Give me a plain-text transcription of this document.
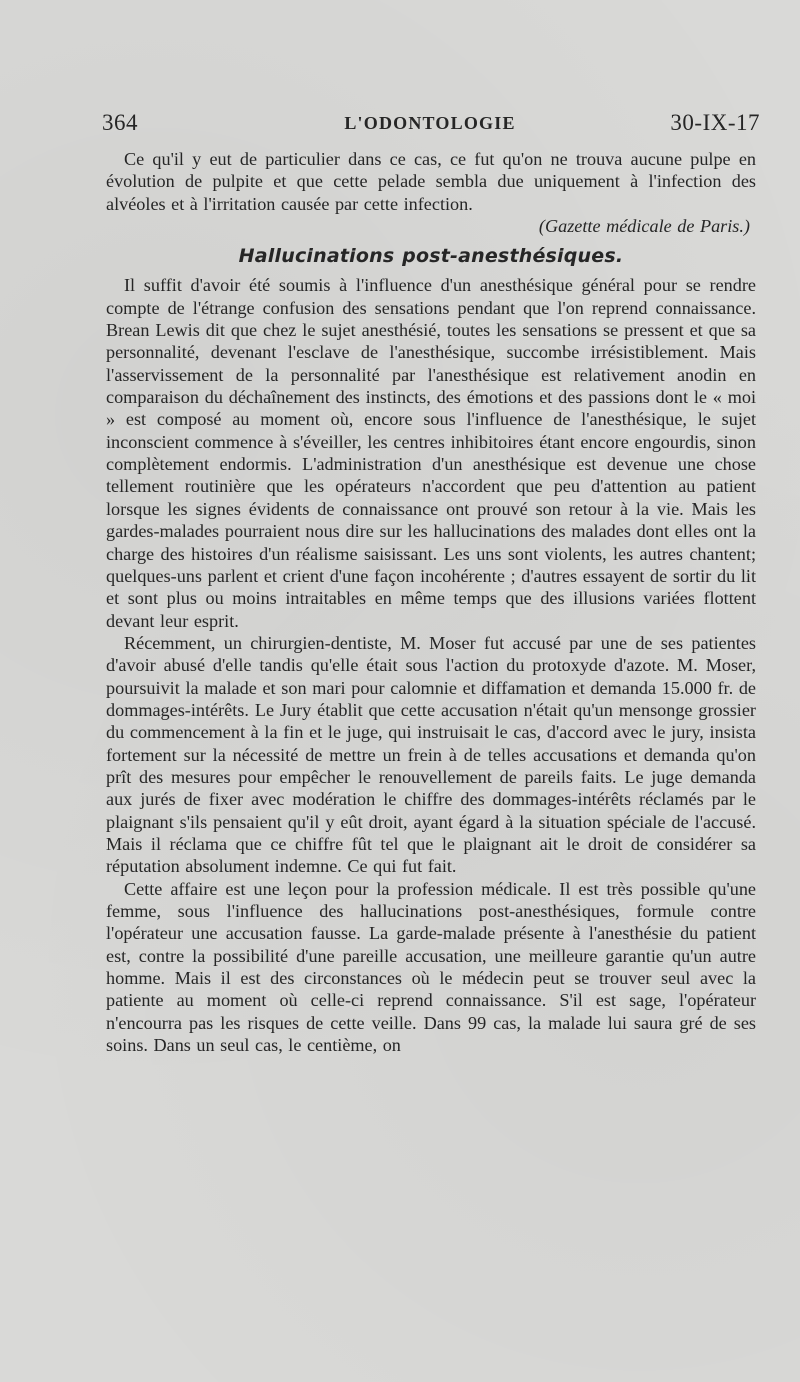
364	L'ODONTOLOGIE	30-IX-17

Ce qu'il y eut de particulier dans ce cas, ce fut qu'on ne trouva aucune pulpe en évolution de pulpite et que cette pelade sembla due uniquement à l'infection des alvéoles et à l'irritation causée par cette infection.

(Gazette médicale de Paris.)

Hallucinations post-anesthésiques.

Il suffit d'avoir été soumis à l'influence d'un anesthésique général pour se rendre compte de l'étrange confusion des sensations pendant que l'on reprend connaissance. Brean Lewis dit que chez le sujet anesthésié, toutes les sensations se pressent et que sa personnalité, devenant l'esclave de l'anesthésique, succombe irrésistiblement. Mais l'asservissement de la personnalité par l'anesthésique est relativement anodin en comparaison du déchaînement des instincts, des émotions et des passions dont le « moi » est composé au moment où, encore sous l'influence de l'anesthésique, le sujet inconscient commence à s'éveiller, les centres inhibitoires étant encore engourdis, sinon complètement endormis. L'administration d'un anesthésique est devenue une chose tellement routinière que les opérateurs n'accordent que peu d'attention au patient lorsque les signes évidents de connaissance ont prouvé son retour à la vie. Mais les gardes-malades pourraient nous dire sur les hallucinations des malades dont elles ont la charge des histoires d'un réalisme saisissant. Les uns sont violents, les autres chantent; quelques-uns parlent et crient d'une façon incohérente ; d'autres essayent de sortir du lit et sont plus ou moins intraitables en même temps que des illusions variées flottent devant leur esprit.

Récemment, un chirurgien-dentiste, M. Moser fut accusé par une de ses patientes d'avoir abusé d'elle tandis qu'elle était sous l'action du protoxyde d'azote. M. Moser, poursuivit la malade et son mari pour calomnie et diffamation et demanda 15.000 fr. de dommages-intérêts. Le Jury établit que cette accusation n'était qu'un mensonge grossier du commencement à la fin et le juge, qui instruisait le cas, d'accord avec le jury, insista fortement sur la nécessité de mettre un frein à de telles accusations et demanda qu'on prît des mesures pour empêcher le renouvellement de pareils faits. Le juge demanda aux jurés de fixer avec modération le chiffre des dommages-intérêts réclamés par le plaignant s'ils pensaient qu'il y eût droit, ayant égard à la situation spéciale de l'accusé. Mais il réclama que ce chiffre fût tel que le plaignant ait le droit de considérer sa réputation absolument indemne. Ce qui fut fait.

Cette affaire est une leçon pour la profession médicale. Il est très possible qu'une femme, sous l'influence des hallucinations post-anesthésiques, formule contre l'opérateur une accusation fausse. La garde-malade présente à l'anesthésie du patient est, contre la possibilité d'une pareille accusation, une meilleure garantie qu'un autre homme. Mais il est des circonstances où le médecin peut se trouver seul avec la patiente au moment où celle-ci reprend connaissance. S'il est sage, l'opérateur n'encourra pas les risques de cette veille. Dans 99 cas, la malade lui saura gré de ses soins. Dans un seul cas, le centième, on
